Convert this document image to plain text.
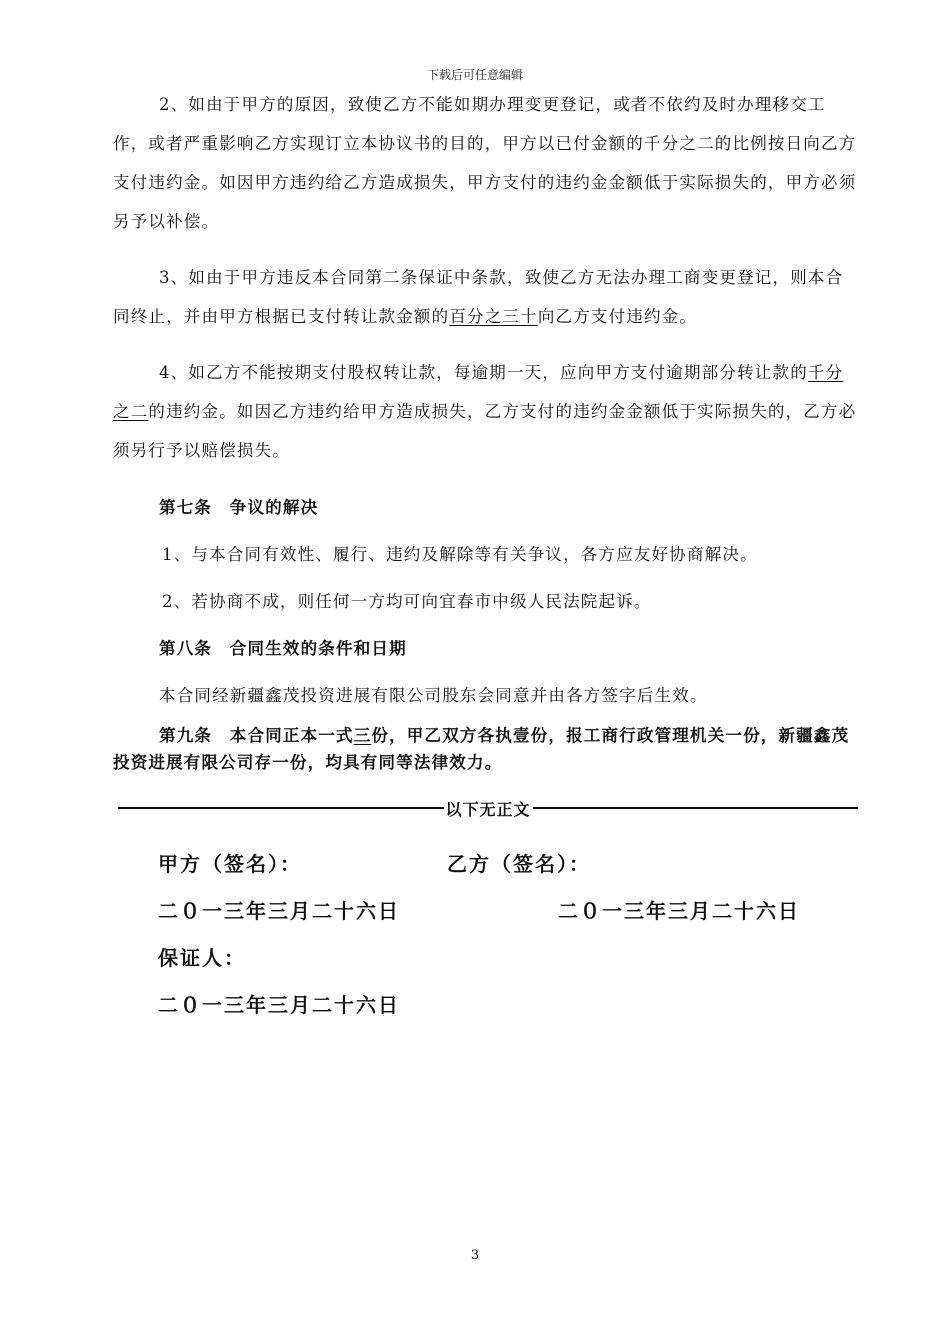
下载后可任意编辑

2、如由于甲方的原因，致使乙方不能如期办理变更登记，或者不依约及时办理移交工作，或者严重影响乙方实现订立本协议书的目的，甲方以已付金额的千分之二的比例按日向乙方支付违约金。如因甲方违约给乙方造成损失，甲方支付的违约金金额低于实际损失的，甲方必须另予以补偿。

3、如由于甲方违反本合同第二条保证中条款，致使乙方无法办理工商变更登记，则本合同终止，并由甲方根据已支付转让款金额的百分之三十向乙方支付违约金。

4、如乙方不能按期支付股权转让款，每逾期一天，应向甲方支付逾期部分转让款的千分之二的违约金。如因乙方违约给甲方造成损失，乙方支付的违约金金额低于实际损失的，乙方必须另行予以赔偿损失。

第七条　争议的解决
1、与本合同有效性、履行、违约及解除等有关争议，各方应友好协商解决。
2、若协商不成，则任何一方均可向宜春市中级人民法院起诉。
第八条　合同生效的条件和日期
本合同经新疆鑫茂投资进展有限公司股东会同意并由各方签字后生效。

第九条　本合同正本一式三份，甲乙双方各执壹份，报工商行政管理机关一份，新疆鑫茂投资进展有限公司存一份，均具有同等法律效力。

以下无正文
甲方（签名）：	乙方（签名）：
二０一三年三月二十六日	二０一三年三月二十六日
保证人：
二０一三年三月二十六日
3
